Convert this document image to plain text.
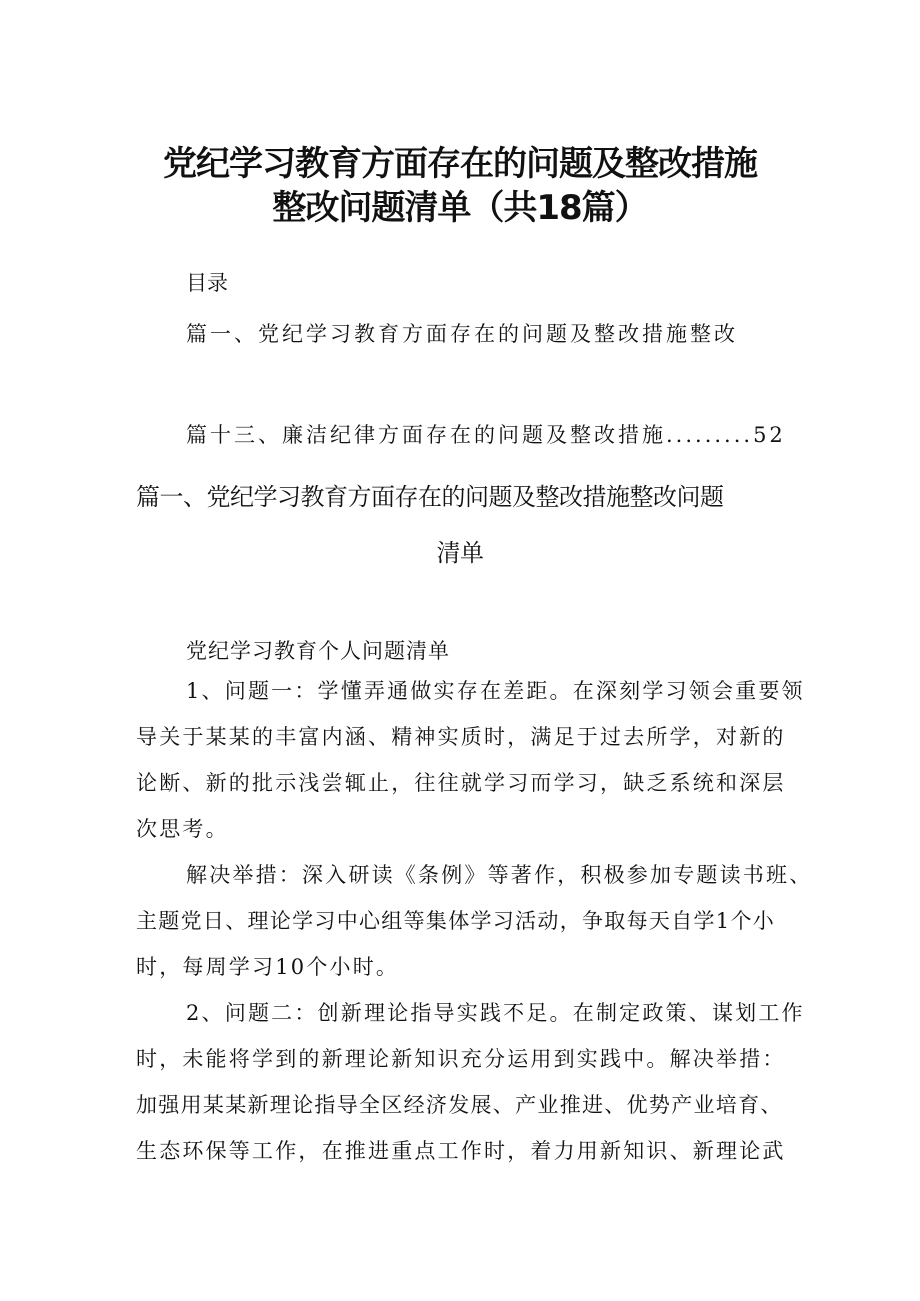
党纪学习教育方面存在的问题及整改措施
整改问题清单（共18篇）
目录
篇一、党纪学习教育方面存在的问题及整改措施整改
篇十三、廉洁纪律方面存在的问题及整改措施.........52
篇一、党纪学习教育方面存在的问题及整改措施整改问题
清单
党纪学习教育个人问题清单
1、问题一：学懂弄通做实存在差距。在深刻学习领会重要领
导关于某某的丰富内涵、精神实质时，满足于过去所学，对新的
论断、新的批示浅尝辄止，往往就学习而学习，缺乏系统和深层
次思考。
解决举措：深入研读《条例》等著作，积极参加专题读书班、
主题党日、理论学习中心组等集体学习活动，争取每天自学1个小
时，每周学习10个小时。
2、问题二：创新理论指导实践不足。在制定政策、谋划工作
时，未能将学到的新理论新知识充分运用到实践中。解决举措：
加强用某某新理论指导全区经济发展、产业推进、优势产业培育、
生态环保等工作，在推进重点工作时，着力用新知识、新理论武
